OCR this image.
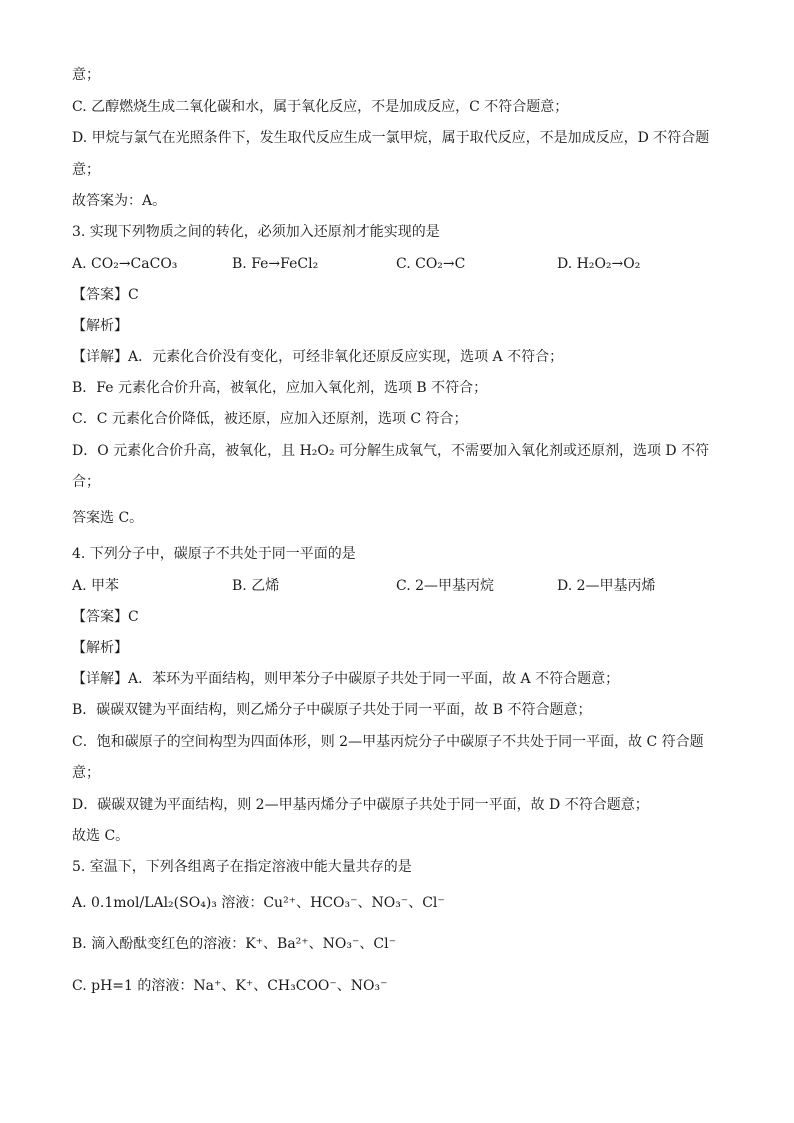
意；
C. 乙醇燃烧生成二氧化碳和水，属于氧化反应，不是加成反应，C 不符合题意；
D. 甲烷与氯气在光照条件下，发生取代反应生成一氯甲烷，属于取代反应，不是加成反应，D 不符合题
意；
故答案为：A。
3. 实现下列物质之间的转化，必须加入还原剂才能实现的是
A. CO₂→CaCO₃	B. Fe→FeCl₂	C. CO₂→C	D. H₂O₂→O₂
【答案】C
【解析】
【详解】A．元素化合价没有变化，可经非氧化还原反应实现，选项 A 不符合；
B．Fe 元素化合价升高，被氧化，应加入氧化剂，选项 B 不符合；
C．C 元素化合价降低，被还原，应加入还原剂，选项 C 符合；
D．O 元素化合价升高，被氧化，且 H₂O₂ 可分解生成氧气，不需要加入氧化剂或还原剂，选项 D 不符
合；
答案选 C。
4. 下列分子中，碳原子不共处于同一平面的是
A. 甲苯	B. 乙烯	C. 2—甲基丙烷	D. 2—甲基丙烯
【答案】C
【解析】
【详解】A．苯环为平面结构，则甲苯分子中碳原子共处于同一平面，故 A 不符合题意；
B．碳碳双键为平面结构，则乙烯分子中碳原子共处于同一平面，故 B 不符合题意；
C．饱和碳原子的空间构型为四面体形，则 2—甲基丙烷分子中碳原子不共处于同一平面，故 C 符合题
意；
D．碳碳双键为平面结构，则 2—甲基丙烯分子中碳原子共处于同一平面，故 D 不符合题意；
故选 C。
5. 室温下，下列各组离子在指定溶液中能大量共存的是
A. 0.1mol/LAl₂(SO₄)₃ 溶液：Cu²⁺、HCO₃⁻、NO₃⁻、Cl⁻
B. 滴入酚酞变红色的溶液：K⁺、Ba²⁺、NO₃⁻、Cl⁻
C. pH=1 的溶液：Na⁺、K⁺、CH₃COO⁻、NO₃⁻
